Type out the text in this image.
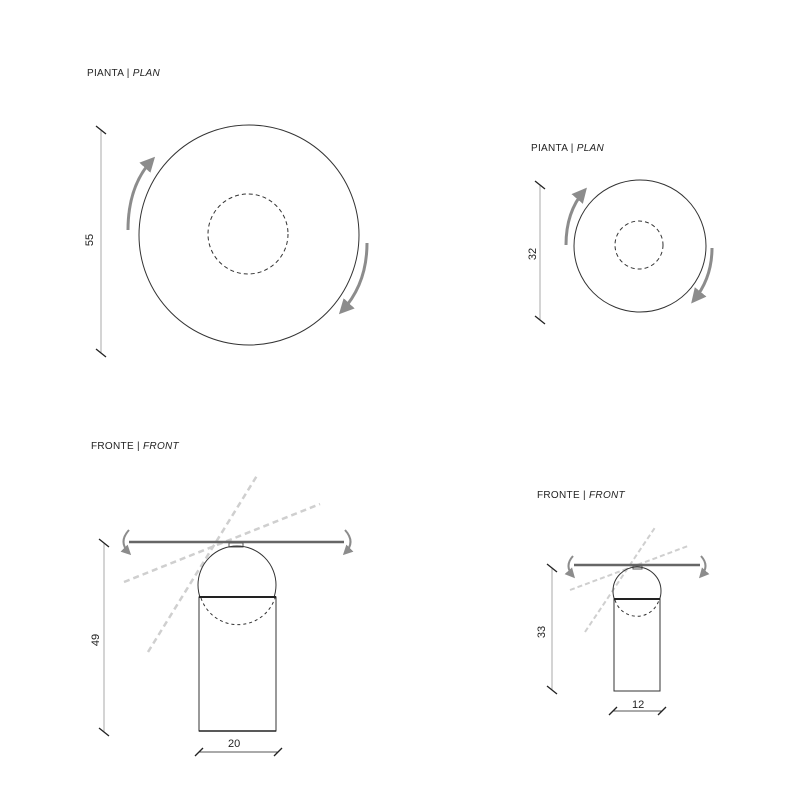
PIANTA | PLAN
PIANTA | PLAN
FRONTE | FRONT
FRONTE | FRONT
55
32
49
33
20
12
